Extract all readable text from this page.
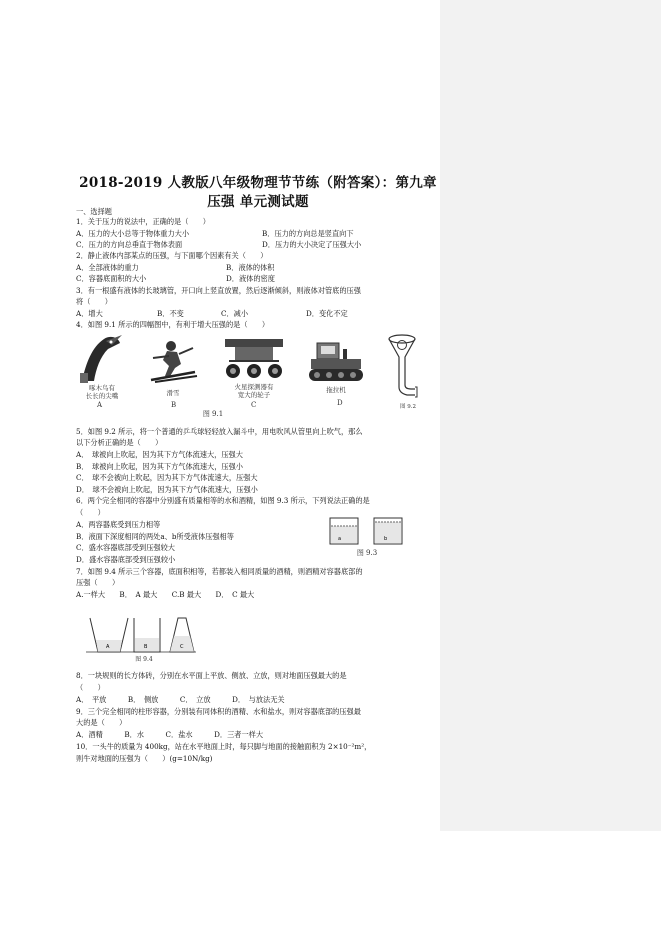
2018-2019 人教版八年级物理节节练（附答案）：第九章
压强 单元测试题
一、选择题
1．关于压力的说法中，正确的是（　　）
A．压力的大小总等于物体重力大小	B．压力的方向总是竖直向下
C．压力的方向总垂直于物体表面	D．压力的大小决定了压强大小
2．静止液体内部某点的压强，与下面哪个因素有关（　　）
A．全部液体的重力	B．液体的体积
C．容器底面积的大小	D．液体的密度
3．有一根盛有液体的长玻璃管，开口向上竖直放置，然后逐渐倾斜，则液体对管底的压强
将（　　）
A．增大	B．不变	C．减小	D．变化不定
4．如图 9.1 所示的四幅图中，有利于增大压强的是（　　）
啄木鸟有
长长的尖嘴
A
滑雪
B
火星探测器有
宽大的轮子
C
拖拉机
D
图 9.1
图 9.2
5．如图 9.2 所示，将一个普通的乒乓球轻轻放入漏斗中，用电吹风从管里向上吹气，那么
以下分析正确的是（　　）
A．　球被向上吹起，因为其下方气体流速大，压强大
B．　球被向上吹起，因为其下方气体流速大，压强小
C．　球不会被向上吹起，因为其下方气体流速大，压强大
D．　球不会被向上吹起，因为其下方气体流速大，压强小
6．两个完全相同的容器中分别盛有质量相等的水和酒精，如图 9.3 所示，下列说法正确的是
（　　）
A．两容器底受到压力相等
B．液面下深度相同的两处a、b所受液体压强相等
C．盛水容器底部受到压强较大
D．盛水容器底部受到压强较小
a	b
图 9.3
7．如图 9.4 所示三个容器，底面积相等，若都装入相同质量的酒精，则酒精对容器底部的
压强（　　）
A.一样大　　B．　A 最大　　C.B 最大　　D．　C 最大
A	B	C
图 9.4
8．一块规则的长方体砖，分别在水平面上平放、侧放、立放，则对地面压强最大的是
（　　）
A．　平放　　　B．　侧放　　　C．　立放　　　D．　与放法无关
9．三个完全相同的柱形容器，分别装有同体积的酒精、水和盐水，则对容器底部的压强最
大的是（　　）
A．酒精　　　B．水　　　C．盐水　　　D．三者一样大
10．一头牛的质量为 400kg，站在水平地面上时，每只脚与地面的接触面积为 2×10⁻²m²，
则牛对地面的压强为（　　）(g=10N/kg)
